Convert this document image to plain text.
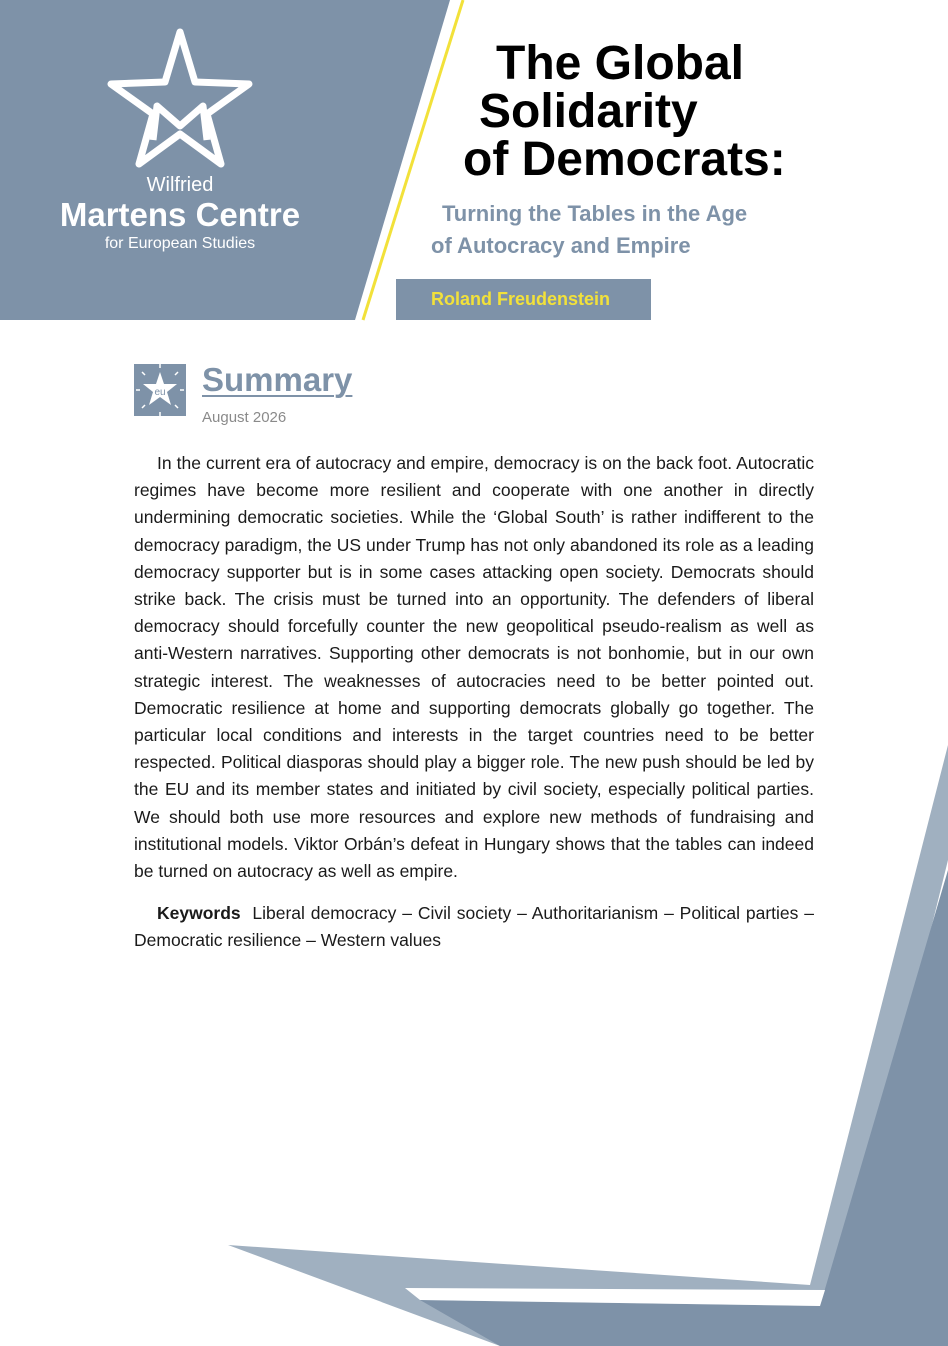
Wilfried
Martens Centre
for European Studies
The Global
Solidarity
of Democrats:

Turning the Tables in the Age

of Autocracy and Empire

Roland Freudenstein
eu Summary
August 2026

In the current era of autocracy and empire, democracy is on the back foot. Autocratic regimes have become more resilient and cooperate with one another in directly undermining democratic societies. While the ‘Global South’ is rather indifferent to the democracy paradigm, the US under Trump has not only abandoned its role as a leading democracy supporter but is in some cases attacking open society. Democrats should strike back. The crisis must be turned into an opportunity. The defenders of liberal democracy should forcefully counter the new geopolitical pseudo-realism as well as anti-Western narratives. Supporting other democrats is not bonhomie, but in our own strategic interest. The weaknesses of autocracies need to be better pointed out. Democratic resilience at home and supporting democrats globally go together. The particular local conditions and interests in the target countries need to be better respected. Political diasporas should play a bigger role. The new push should be led by the EU and its member states and initiated by civil society, especially political parties. We should both use more resources and explore new methods of fundraising and institutional models. Viktor Orbán’s defeat in Hungary shows that the tables can indeed be turned on autocracy as well as empire.

Keywords Liberal democracy – Civil society – Authoritarianism – Political parties – Democratic resilience – Western values
